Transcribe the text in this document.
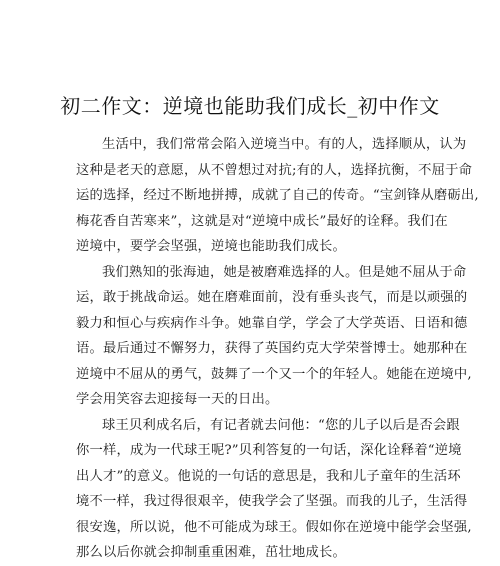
初二作文：逆境也能助我们成长_初中作文
生活中，我们常常会陷入逆境当中。有的人，选择顺从，认为
这种是老天的意愿，从不曾想过对抗;有的人，选择抗衡，不屈于命
运的选择，经过不断地拼搏，成就了自己的传奇。“宝剑锋从磨砺出,
梅花香自苦寒来”，这就是对“逆境中成长”最好的诠释。我们在
逆境中，要学会坚强，逆境也能助我们成长。
我们熟知的张海迪，她是被磨难选择的人。但是她不屈从于命
运，敢于挑战命运。她在磨难面前，没有垂头丧气，而是以顽强的
毅力和恒心与疾病作斗争。她靠自学，学会了大学英语、日语和德
语。最后通过不懈努力，获得了英国约克大学荣誉博士。她那种在
逆境中不屈从的勇气，鼓舞了一个又一个的年轻人。她能在逆境中,
学会用笑容去迎接每一天的日出。
球王贝利成名后，有记者就去问他：“您的儿子以后是否会跟
你一样，成为一代球王呢?”贝利答复的一句话，深化诠释着“逆境
出人才”的意义。他说的一句话的意思是，我和儿子童年的生活环
境不一样，我过得很艰辛，使我学会了坚强。而我的儿子，生活得
很安逸，所以说，他不可能成为球王。假如你在逆境中能学会坚强,
那么以后你就会抑制重重困难，茁壮地成长。
